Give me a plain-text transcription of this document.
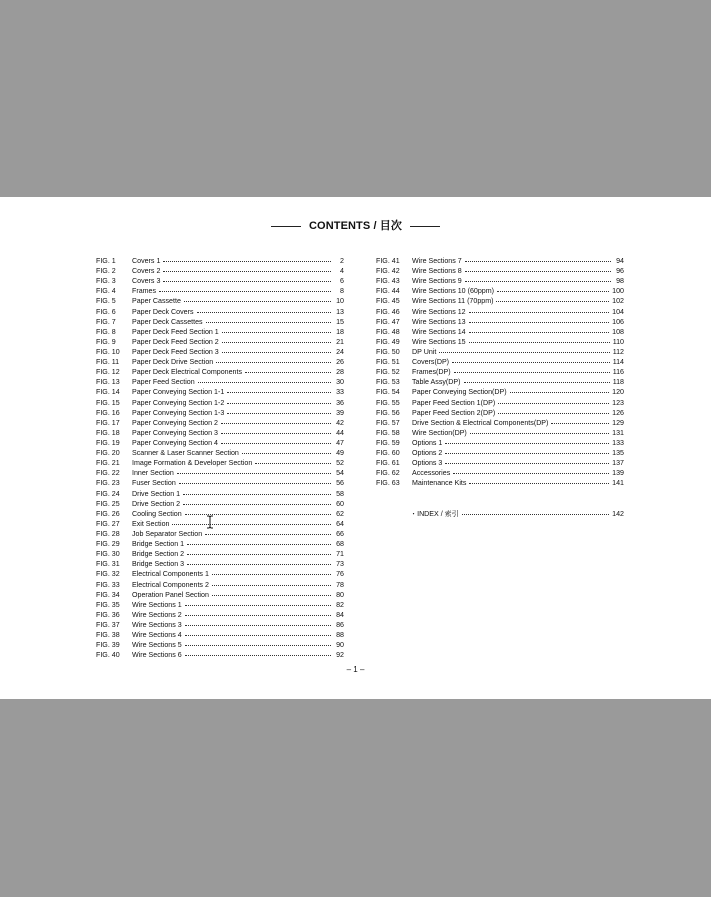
CONTENTS / 目次
FIG. 1	Covers 1	2
FIG. 2	Covers 2	4
FIG. 3	Covers 3	6
FIG. 4	Frames	8
FIG. 5	Paper Cassette	10
FIG. 6	Paper Deck Covers	13
FIG. 7	Paper Deck Cassettes	15
FIG. 8	Paper Deck Feed Section 1	18
FIG. 9	Paper Deck Feed Section 2	21
FIG. 10	Paper Deck Feed Section 3	24
FIG. 11	Paper Deck Drive Section	26
FIG. 12	Paper Deck Electrical Components	28
FIG. 13	Paper Feed Section	30
FIG. 14	Paper Conveying Section 1-1	33
FIG. 15	Paper Conveying Section 1-2	36
FIG. 16	Paper Conveying Section 1-3	39
FIG. 17	Paper Conveying Section 2	42
FIG. 18	Paper Conveying Section 3	44
FIG. 19	Paper Conveying Section 4	47
FIG. 20	Scanner & Laser Scanner Section	49
FIG. 21	Image Formation & Developer Section	52
FIG. 22	Inner Section	54
FIG. 23	Fuser Section	56
FIG. 24	Drive Section 1	58
FIG. 25	Drive Section 2	60
FIG. 26	Cooling Section	62
FIG. 27	Exit Section	64
FIG. 28	Job Separator Section	66
FIG. 29	Bridge Section 1	68
FIG. 30	Bridge Section 2	71
FIG. 31	Bridge Section 3	73
FIG. 32	Electrical Components 1	76
FIG. 33	Electrical Components 2	78
FIG. 34	Operation Panel Section	80
FIG. 35	Wire Sections 1	82
FIG. 36	Wire Sections 2	84
FIG. 37	Wire Sections 3	86
FIG. 38	Wire Sections 4	88
FIG. 39	Wire Sections 5	90
FIG. 40	Wire Sections 6	92
FIG. 41	Wire Sections 7	94
FIG. 42	Wire Sections 8	96
FIG. 43	Wire Sections 9	98
FIG. 44	Wire Sections 10 (60ppm)	100
FIG. 45	Wire Sections 11 (70ppm)	102
FIG. 46	Wire Sections 12	104
FIG. 47	Wire Sections 13	106
FIG. 48	Wire Sections 14	108
FIG. 49	Wire Sections 15	110
FIG. 50	DP Unit	112
FIG. 51	Covers(DP)	114
FIG. 52	Frames(DP)	116
FIG. 53	Table Assy(DP)	118
FIG. 54	Paper Conveying Section(DP)	120
FIG. 55	Paper Feed Section 1(DP)	123
FIG. 56	Paper Feed Section 2(DP)	126
FIG. 57	Drive Section & Electrical Components(DP)	129
FIG. 58	Wire Section(DP)	131
FIG. 59	Options 1	133
FIG. 60	Options 2	135
FIG. 61	Options 3	137
FIG. 62	Accessories	139
FIG. 63	Maintenance Kits	141
・INDEX / 索引	142
– 1 –
